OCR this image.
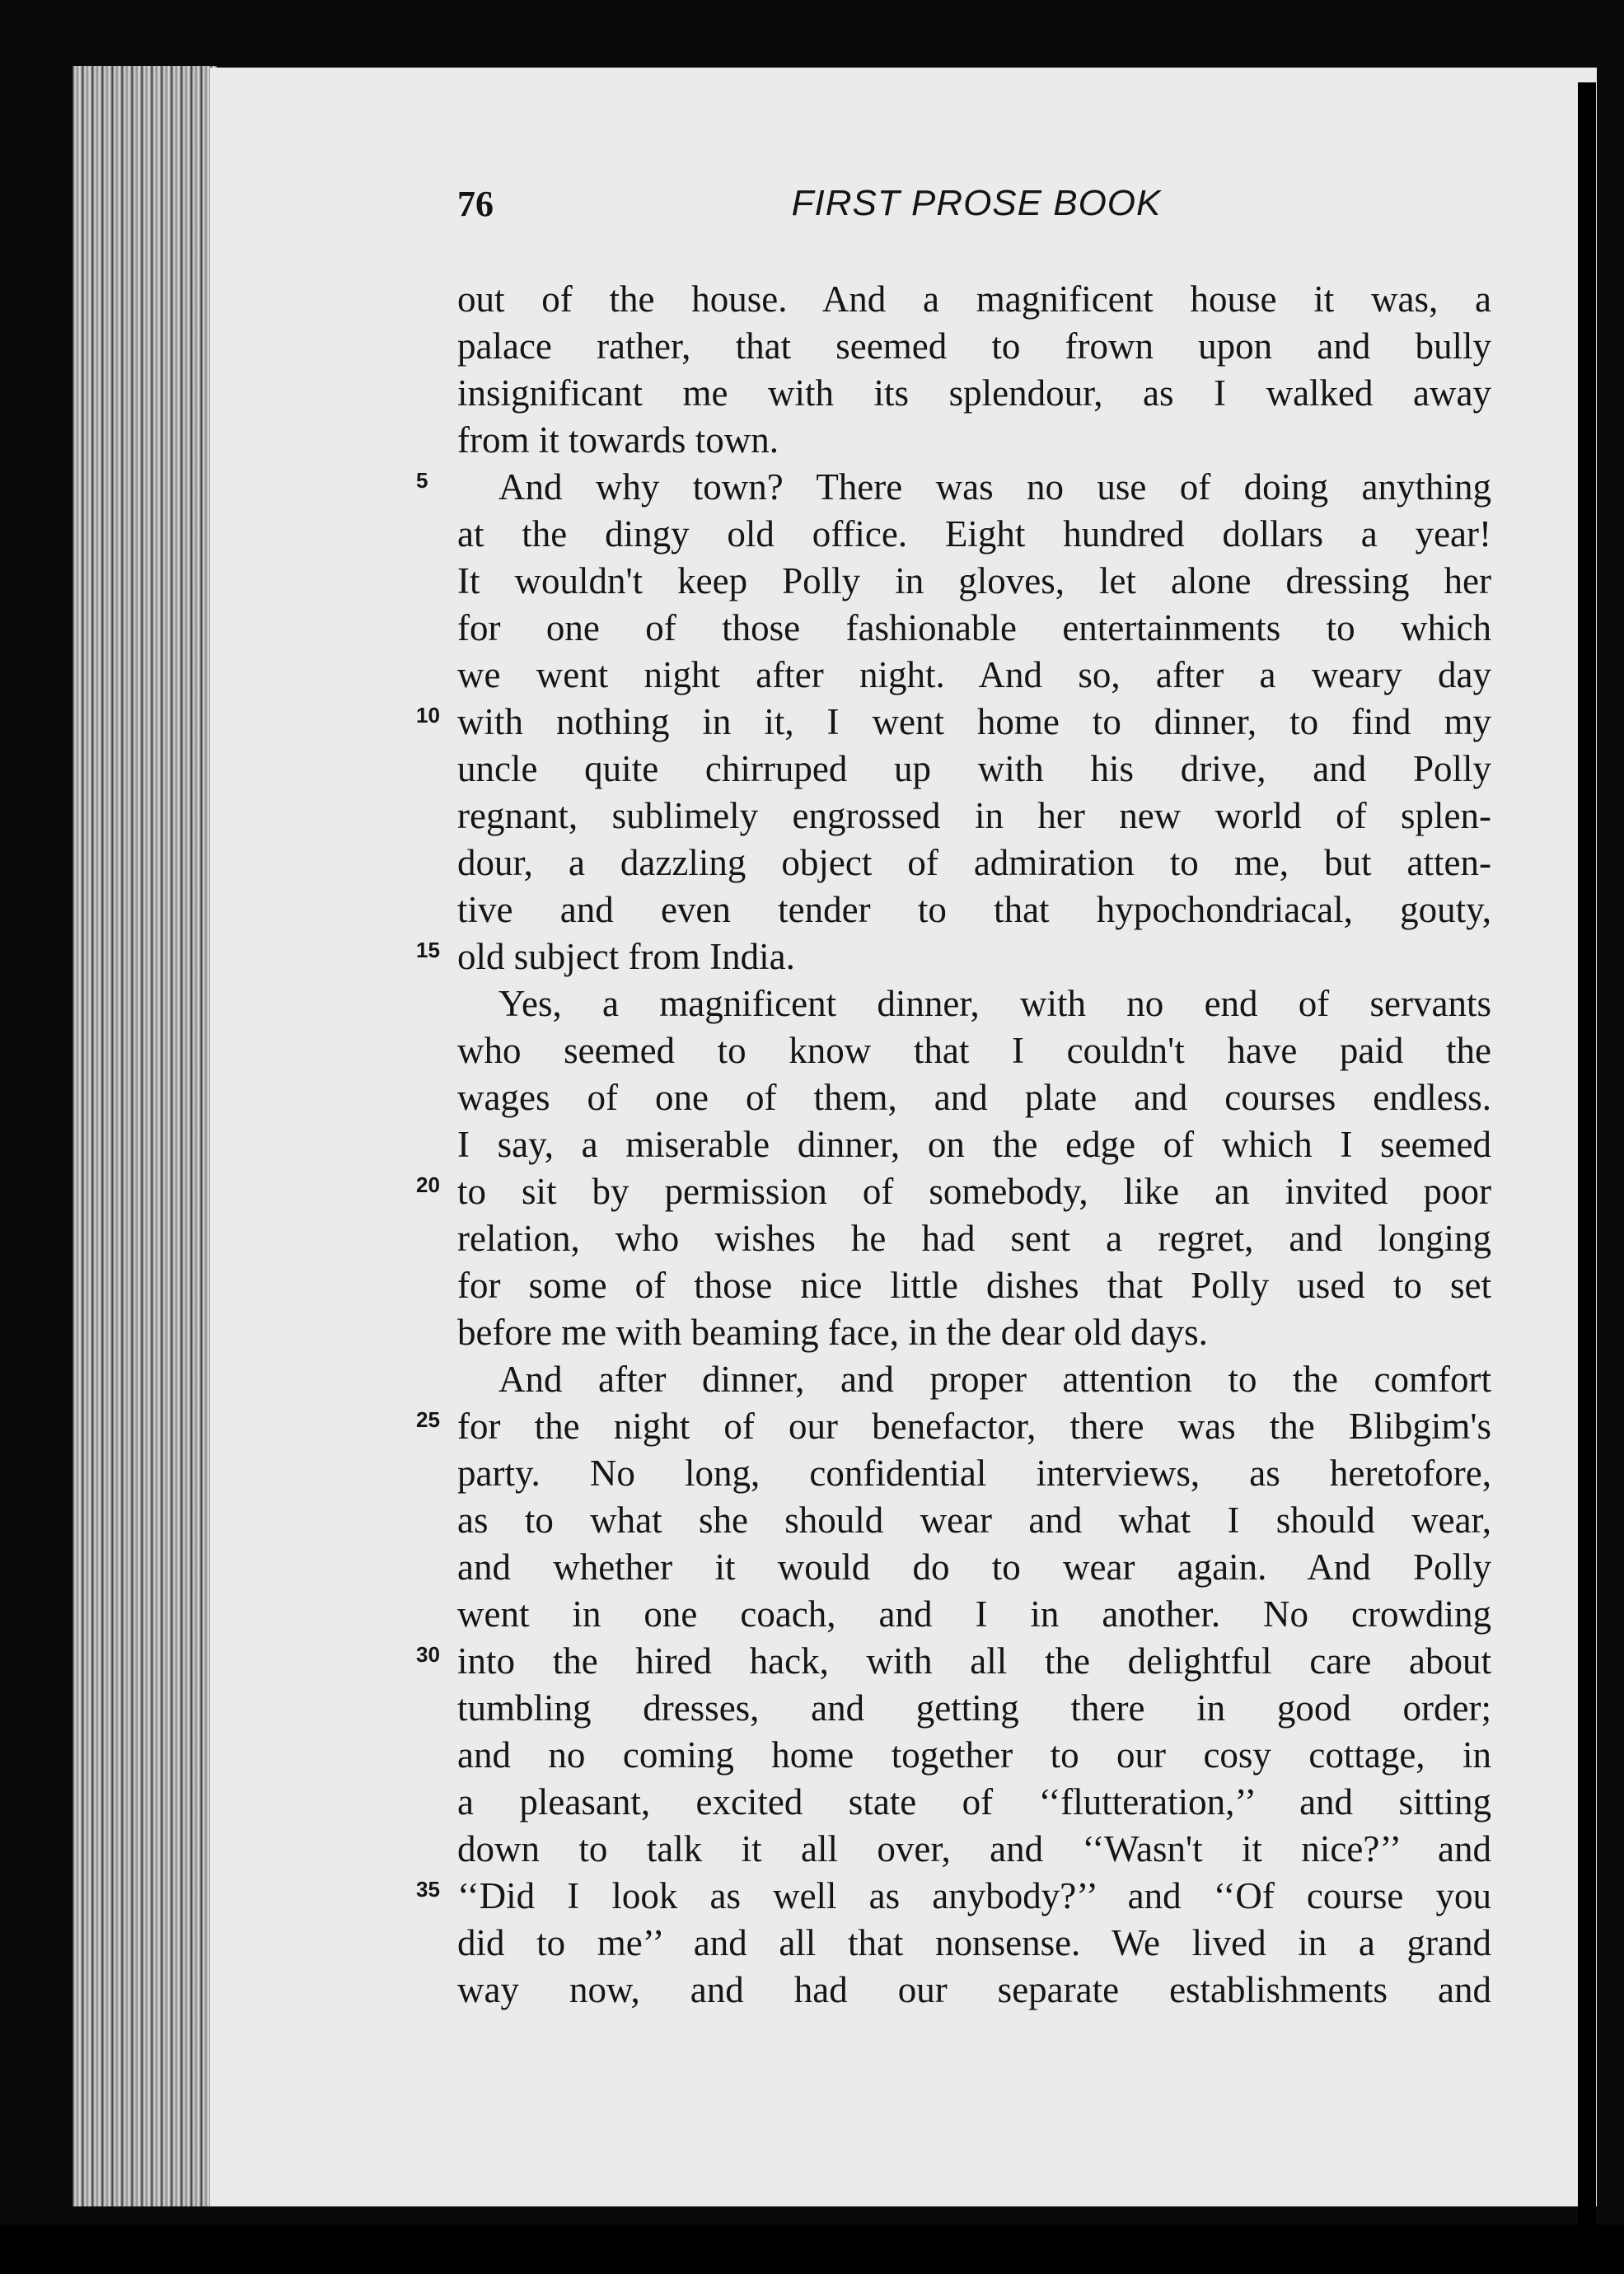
76	FIRST PROSE BOOK
out of the house. And a magnificent house it was, a
palace rather, that seemed to frown upon and bully
insignificant me with its splendour, as I walked away
from it towards town.
5 And why town? There was no use of doing anything
at the dingy old office. Eight hundred dollars a year!
It wouldn't keep Polly in gloves, let alone dressing her
for one of those fashionable entertainments to which
we went night after night. And so, after a weary day
10 with nothing in it, I went home to dinner, to find my
uncle quite chirruped up with his drive, and Polly
regnant, sublimely engrossed in her new world of splen-
dour, a dazzling object of admiration to me, but atten-
tive and even tender to that hypochondriacal, gouty,
15 old subject from India.
Yes, a magnificent dinner, with no end of servants
who seemed to know that I couldn't have paid the
wages of one of them, and plate and courses endless.
I say, a miserable dinner, on the edge of which I seemed
20 to sit by permission of somebody, like an invited poor
relation, who wishes he had sent a regret, and longing
for some of those nice little dishes that Polly used to set
before me with beaming face, in the dear old days.
And after dinner, and proper attention to the comfort
25 for the night of our benefactor, there was the Blibgim's
party. No long, confidential interviews, as heretofore,
as to what she should wear and what I should wear,
and whether it would do to wear again. And Polly
went in one coach, and I in another. No crowding
30 into the hired hack, with all the delightful care about
tumbling dresses, and getting there in good order;
and no coming home together to our cosy cottage, in
a pleasant, excited state of ‘‘flutteration,’’ and sitting
down to talk it all over, and ‘‘Wasn't it nice?’’ and
35 ‘‘Did I look as well as anybody?’’ and ‘‘Of course you
did to me’’ and all that nonsense. We lived in a grand
way now, and had our separate establishments and
